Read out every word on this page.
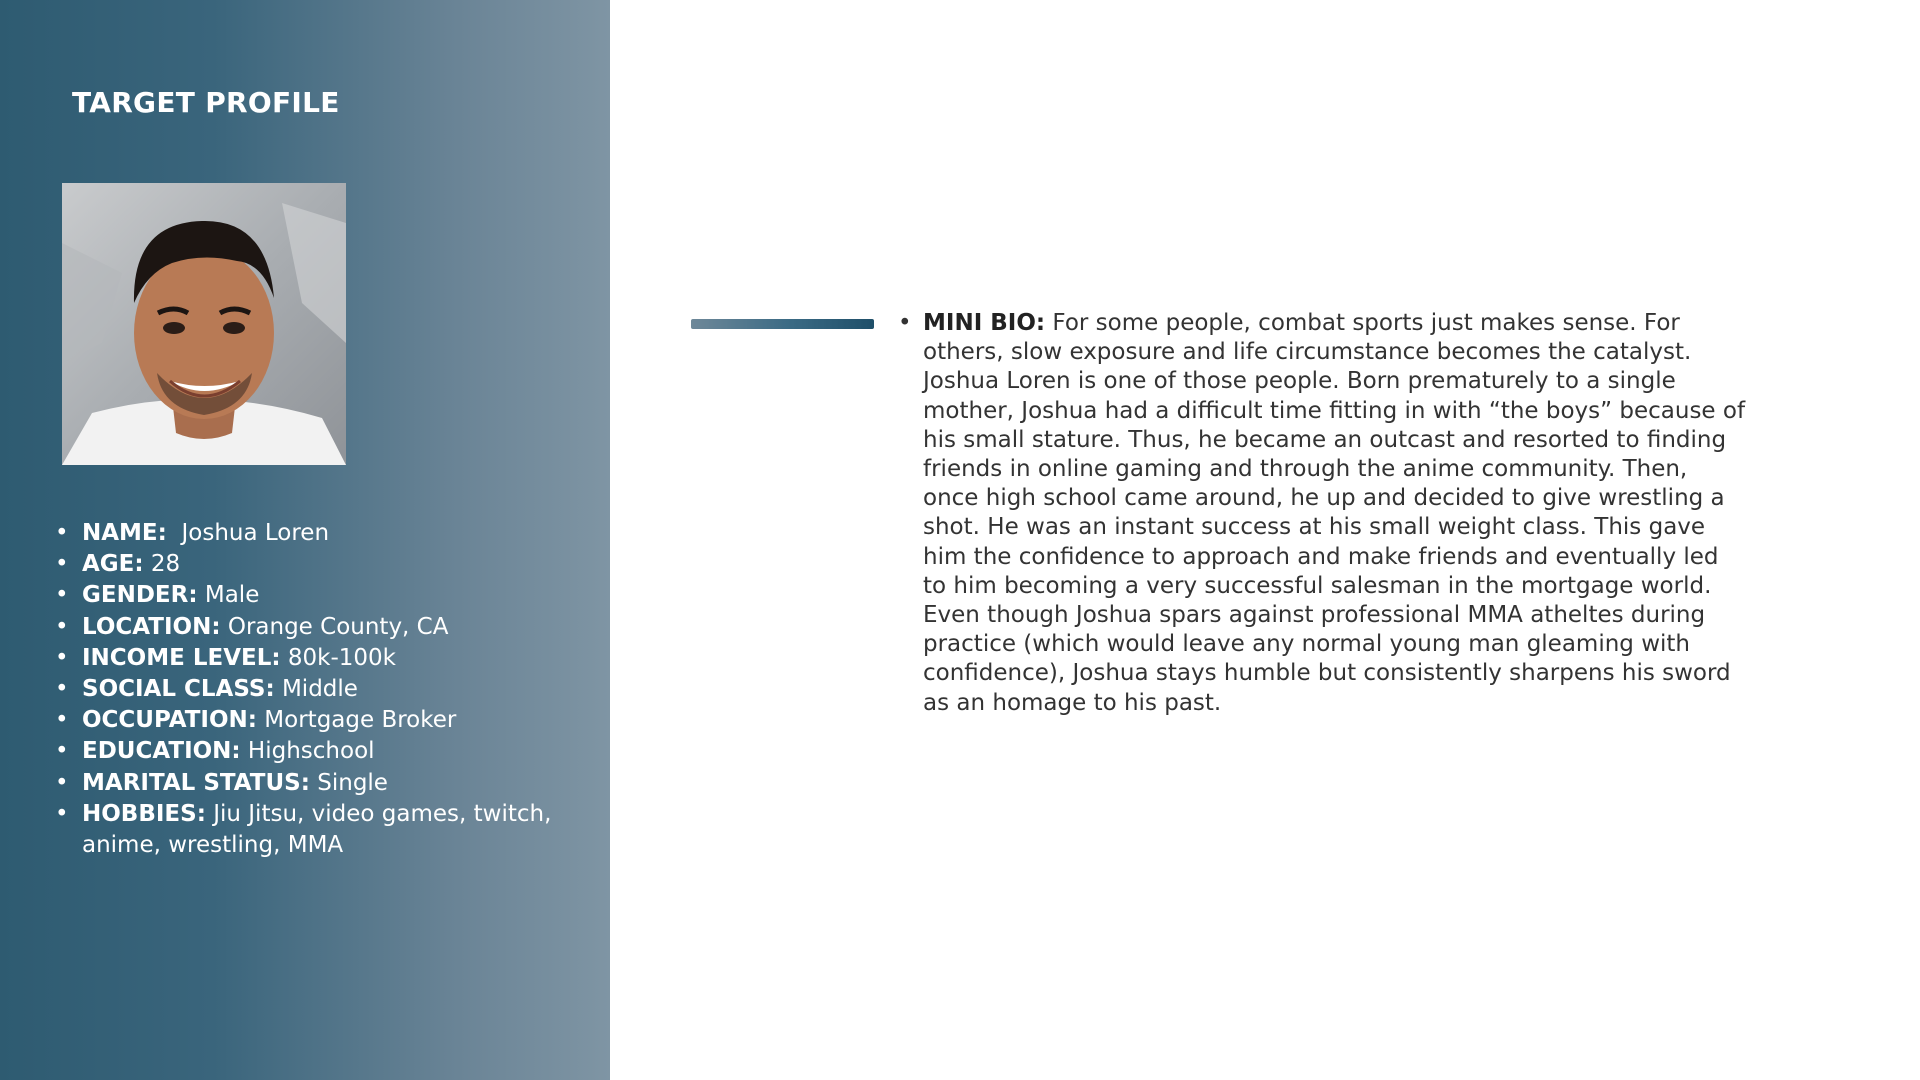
TARGET PROFILE
• NAME:  Joshua Loren
• AGE: 28
• GENDER: Male
• LOCATION: Orange County, CA
• INCOME LEVEL: 80k-100k
• SOCIAL CLASS: Middle
• OCCUPATION: Mortgage Broker
• EDUCATION: Highschool
• MARITAL STATUS: Single
• HOBBIES: Jiu Jitsu, video games, twitch, anime, wrestling, MMA
• MINI BIO: For some people, combat sports just makes sense. For others, slow exposure and life circumstance becomes the catalyst. Joshua Loren is one of those people. Born prematurely to a single mother, Joshua had a difficult time fitting in with “the boys” because of his small stature. Thus, he became an outcast and resorted to finding friends in online gaming and through the anime community. Then, once high school came around, he up and decided to give wrestling a shot. He was an instant success at his small weight class. This gave him the confidence to approach and make friends and eventually led to him becoming a very successful salesman in the mortgage world. Even though Joshua spars against professional MMA atheltes during practice (which would leave any normal young man gleaming with confidence), Joshua stays humble but consistently sharpens his sword as an homage to his past.
